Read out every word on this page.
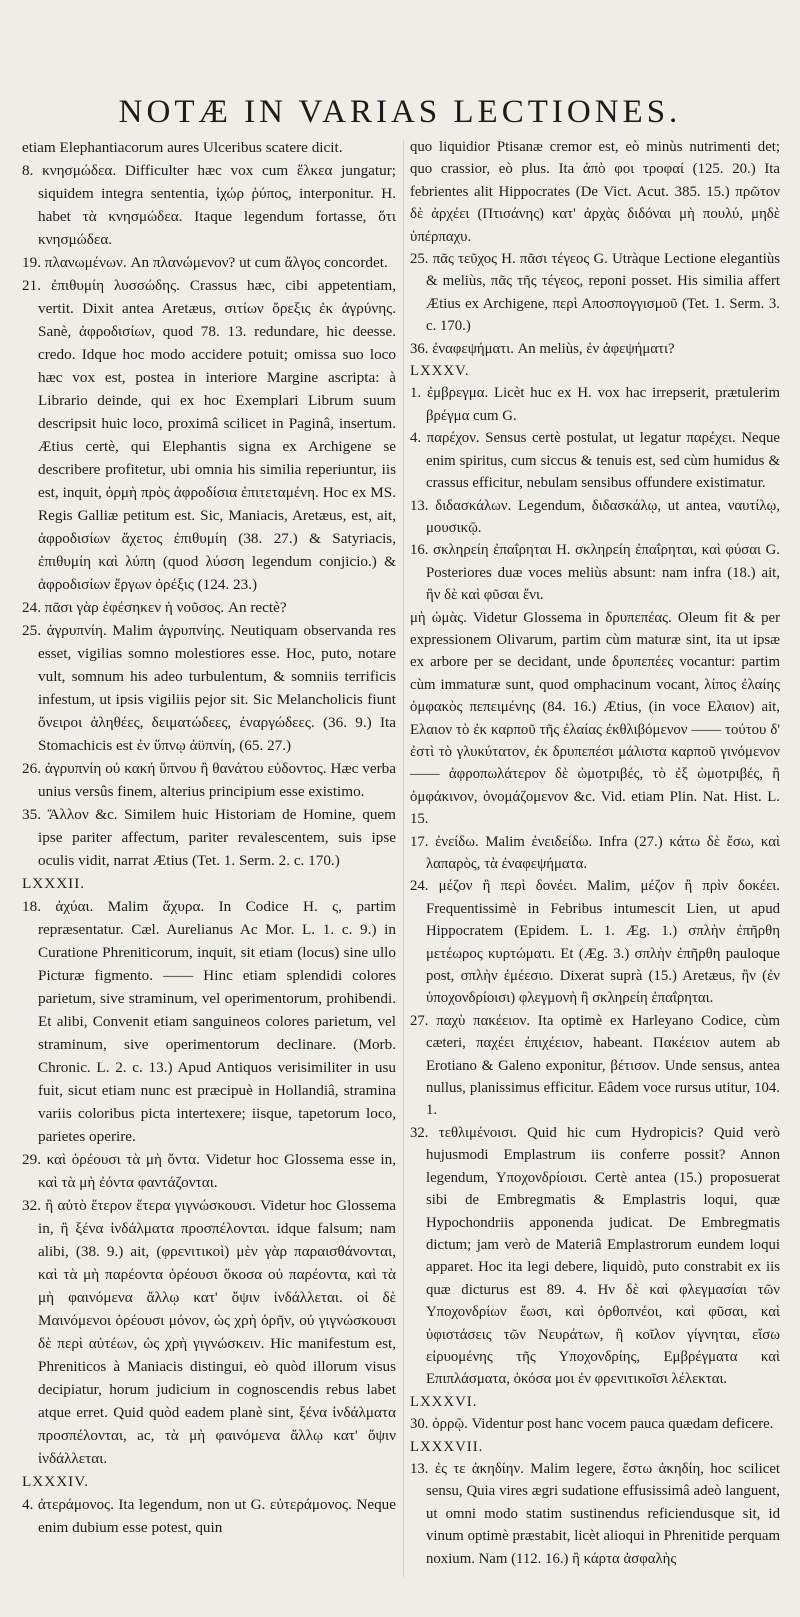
NOTÆ IN VARIAS LECTIONES.

etiam Elephantiacorum aures Ulceribus scatere dicit.

8. κνησμώδεα. Difficulter hæc vox cum ἕλκεα jungatur; siquidem integra sententia, ἰχώρ ῥύπος, interponitur. H. habet τὰ κνησμώδεα. Itaque legendum fortasse, ὅτι κνησμώδεα.

19. πλανωμένων. An πλανώμενον? ut cum ἄλγος concordet.

21. ἐπιθυμίη λυσσώδης. Crassus hæc, cibi appetentiam, vertit. Dixit antea Aretæus, σιτίων ὄρεξις ἐκ ἀγρύνης. Sanè, ἀφροδισίων, quod 78. 13. redundare, hic deesse. credo. Idque hoc modo accidere potuit; omissa suo loco hæc vox est, postea in interiore Margine ascripta: à Librario deinde, qui ex hoc Exemplari Librum suum descripsit huic loco, proximâ scilicet in Paginâ, insertum. Ætius certè, qui Elephantis signa ex Archigene se describere profitetur, ubi omnia his similia reperiuntur, iis est, inquit, ὁρμὴ πρὸς ἀφροδίσια ἐπιτεταμένη. Hoc ex MS. Regis Galliæ petitum est. Sic, Maniacis, Aretæus, est, ait, ἀφροδισίων ἄχετος ἐπιθυμίη (38. 27.) & Satyriacis, ἐπιθυμίη καὶ λύπη (quod λύσση legendum conjicio.) & ἀφροδισίων ἔργων ὀρέξις (124. 23.)

24. πᾶσι γὰρ ἐφέσηκεν ἡ νοῦσος. An rectè?

25. ἀγρυπνίη. Malim ἀγρυπνίης. Neutiquam observanda res esset, vigilias somno molestiores esse. Hoc, puto, notare vult, somnum his adeo turbulentum, & somniis terrificis infestum, ut ipsis vigiliis pejor sit. Sic Melancholicis fiunt ὄνειροι ἀληθέες, δειματώδεες, ἐναργώδεες. (36. 9.) Ita Stomachicis est ἐν ὕπνῳ ἀϋπνίη, (65. 27.)

26. ἀγρυπνίη οὐ κακή ὕπνου ἢ θανάτου εὐδοντος. Hæc verba unius versûs finem, alterius principium esse existimo.

35. Ἄλλον &c. Similem huic Historiam de Homine, quem ipse pariter affectum, pariter revalescentem, suis ipse oculis vidit, narrat Ætius (Tet. 1. Serm. 2. c. 170.)

LXXXII.

18. ἀχύαι. Malim ἄχυρα. In Codice H. ς, partim repræsentatur. Cæl. Aurelianus Ac Mor. L. 1. c. 9.) in Curatione Phreniticorum, inquit, sit etiam (locus) sine ullo Picturæ figmento. —— Hinc etiam splendidi colores parietum, sive straminum, vel operimentorum, prohibendi. Et alibi, Convenit etiam sanguineos colores parietum, vel straminum, sive operimentorum declinare. (Morb. Chronic. L. 2. c. 13.) Apud Antiquos verisimiliter in usu fuit, sicut etiam nunc est præcipuè in Hollandiâ, stramina variis coloribus picta intertexere; iisque, tapetorum loco, parietes operire.

29. καὶ ὁρέουσι τὰ μὴ ὄντα. Videtur hoc Glossema esse in, καὶ τὰ μὴ ἐόντα φαντάζονται.

32. ἢ αὐτὸ ἕτερον ἕτερα γιγνώσκουσι. Videtur hoc Glossema in, ἢ ξένα ἰνδάλματα προσπέλονται. idque falsum; nam alibi, (38. 9.) ait, (φρενιτικοὶ) μὲν γὰρ παραισθάνονται, καὶ τὰ μὴ παρέοντα ὁρέουσι ὅκοσα οὐ παρέοντα, καὶ τὰ μὴ φαινόμενα ἄλλῳ κατ' ὄψιν ἰνδάλλεται. οἱ δὲ Μαινόμενοι ὁρέουσι μόνον, ὡς χρὴ ὁρῆν, οὐ γιγνώσκουσι δὲ περὶ αὐτέων, ὡς χρὴ γιγνώσκειν. Hic manifestum est, Phreniticos à Maniacis distingui, eò quòd illorum visus decipiatur, horum judicium in cognoscendis rebus labet atque erret. Quid quòd eadem planè sint, ξένα ἰνδάλματα προσπέλονται, ac, τὰ μὴ φαινόμενα ἄλλῳ κατ' ὄψιν ἰνδάλλεται.

LXXXIV.

4. ἀτεράμονος. Ita legendum, non ut G. εὐτεράμονος. Neque enim dubium esse potest, quin

quo liquidior Ptisanæ cremor est, eò minùs nutrimenti det; quo crassior, eò plus. Ita ἀπὸ φοι τροφαί (125. 20.) Ita febrientes alit Hippocrates (De Vict. Acut. 385. 15.) πρῶτον δὲ ἀρχέει (Πτισάνης) κατ' ἀρχὰς διδόναι μὴ πουλύ, μηδὲ ὑπέρπαχυ.

25. πᾶς τεῦχος H. πᾶσι τέγεος G. Utràque Lectione elegantiùs & meliùs, πᾶς τῆς τέγεος, reponi posset. His similia affert Ætius ex Archigene, περὶ Αποσπογγισμοῦ (Tet. 1. Serm. 3. c. 170.)

36. ἐναφεψήματι. An meliùs, ἐν ἀφεψήματι?

LXXXV.

1. ἐμβρεγμα. Licèt huc ex H. vox hac irrepserit, prætulerim βρέγμα cum G.

4. παρέχον. Sensus certè postulat, ut legatur παρέχει. Neque enim spiritus, cum siccus & tenuis est, sed cùm humidus & crassus efficitur, nebulam sensibus offundere existimatur.

13. διδασκάλων. Legendum, διδασκάλῳ, ut antea, ναυτίλῳ, μουσικῷ.

16. σκληρείη ἐπαΐρηται H. σκληρείη ἐπαΐρηται, καὶ φύσαι G. Posteriores duæ voces meliùs absunt: nam infra (18.) ait, ἢν δὲ καὶ φῦσαι ἔνι.

μὴ ὠμὰς. Videtur Glossema in δρυπεπέας. Oleum fit & per expressionem Olivarum, partim cùm maturæ sint, ita ut ipsæ ex arbore per se decidant, unde δρυπεπέες vocantur: partim cùm immaturæ sunt, quod omphacinum vocant, λίπος ἐλαίης ὀμφακὸς πεπειμένης (84. 16.) Ætius, (in voce Ελαιον) ait, Ελαιον τὸ ἐκ καρποῦ τῆς ἐλαίας ἐκθλιβόμενον —— τούτου δ' ἐστὶ τὸ γλυκύτατον, ἐκ δρυπεπέσι μάλιστα καρποῦ γινόμενον —— ἀφροπωλάτερον δὲ ὠμοτριβές, τὸ ἐξ ὠμοτριβές, ἢ ὀμφάκινον, ὀνομάζομενον &c. Vid. etiam Plin. Nat. Hist. L. 15.

17. ἐνείδω. Malim ἐνειδείδω. Infra (27.) κάτω δὲ ἔσω, καὶ λαπαρὸς, τὰ ἐναφεψήματα.

24. μέζον ἢ περὶ δονέει. Malim, μέζον ἢ πρὶν δοκέει. Frequentissimè in Febribus intumescit Lien, ut apud Hippocratem (Epidem. L. 1. Æg. 1.) σπλὴν ἐπῆρθη μετέωρος κυρτώματι. Et (Æg. 3.) σπλὴν ἐπῆρθη pauloque post, σπλὴν ἐμέεσιο. Dixerat suprà (15.) Aretæus, ἢν (ἐν ὑποχονδρίοισι) φλεγμονὴ ἢ σκληρείη ἐπαΐρηται.

27. παχὺ πακέειον. Ita optimè ex Harleyano Codice, cùm cæteri, παχέει ἐπιχέειον, habeant. Πακέειον autem ab Erotiano & Galeno exponitur, βέτισον. Unde sensus, antea nullus, planissimus efficitur. Eâdem voce rursus utitur, 104. 1.

32. τεθλιμένοισι. Quid hic cum Hydropicis? Quid verò hujusmodi Emplastrum iis conferre possit? Annon legendum, Υποχονδρίοισι. Certè antea (15.) proposuerat sibi de Embregmatis & Emplastris loqui, quæ Hypochondriis apponenda judicat. De Embregmatis dictum; jam verò de Materiâ Emplastrorum eundem loqui apparet. Hoc ita legi debere, liquidò, puto constrabit ex iis quæ dicturus est 89. 4. Ην δὲ καὶ φλεγμασίαι τῶν Υποχονδρίων ἔωσι, καὶ ὀρθοπνέοι, καὶ φῦσαι, καὶ ὑφιστάσεις τῶν Νευράτων, ἢ κοῖλον γίγνηται, εἴσω εἰρυομένης τῆς Υποχονδρίης, Εμβρέγματα καὶ Επιπλάσματα, ὁκόσα μοι ἐν φρενιτικοῖσι λέλεκται.

LXXXVI.

30. ὀρρῷ. Videntur post hanc vocem pauca quædam deficere.

LXXXVII.

13. ἐς τε ἀκηδίην. Malim legere, ἔστω ἀκηδίη, hoc scilicet sensu, Quia vires ægri sudatione effusissimâ adeò languent, ut omni modo statim sustinendus reficiendusque sit, id vinum optimè præstabit, licèt alioqui in Phrenitide perquam noxium. Nam (112. 16.) ἢ κάρτα ἀσφαλὴς
